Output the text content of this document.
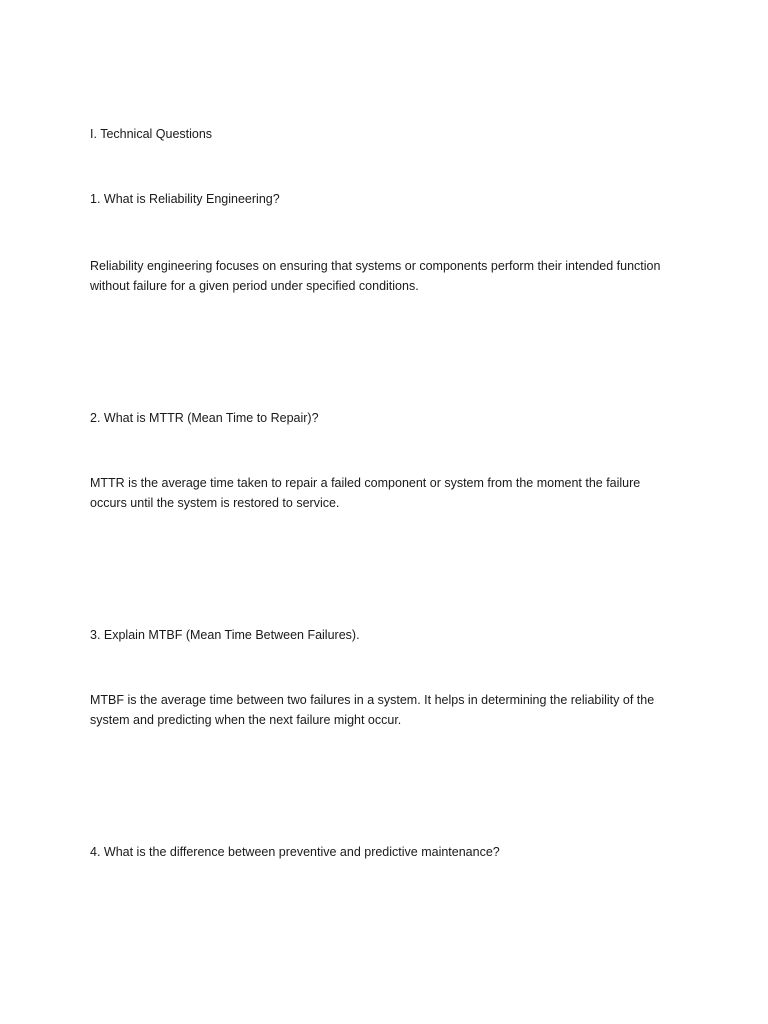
I. Technical Questions

1. What is Reliability Engineering?

Reliability engineering focuses on ensuring that systems or components perform their intended function
without failure for a given period under specified conditions.

2. What is MTTR (Mean Time to Repair)?

MTTR is the average time taken to repair a failed component or system from the moment the failure
occurs until the system is restored to service.

3. Explain MTBF (Mean Time Between Failures).

MTBF is the average time between two failures in a system. It helps in determining the reliability of the
system and predicting when the next failure might occur.

4. What is the difference between preventive and predictive maintenance?
